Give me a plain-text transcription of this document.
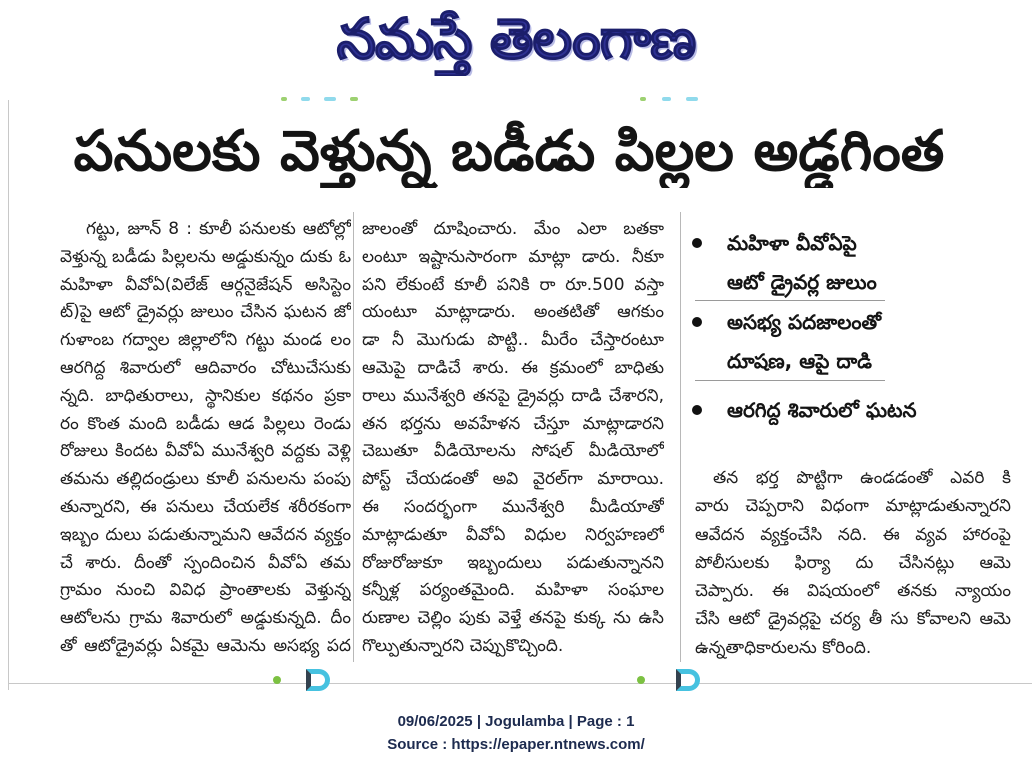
నమస్తే తెలంగాణ
పనులకు వెళ్తున్న బడీడు పిల్లల అడ్డగింత
గట్టు, జూన్ 8 : కూలీ పనులకు ఆటోల్లో
వెళ్తున్న బడీడు పిల్లలను అడ్డుకున్నం దుకు ఓ
మహిళా వీవోఏ(విలేజ్ ఆర్గనైజేషన్ అసిస్టెం
ట్)పై ఆటో డ్రైవర్లు జులుం చేసిన ఘటన జో
గుళాంబ గద్వాల జిల్లాలోని గట్టు మండ లం
ఆరగిద్ద శివారులో ఆదివారం చోటుచేసుకు
న్నది. బాధితురాలు, స్థానికుల కథనం ప్రకా
రం కొంత మంది బడీడు ఆడ పిల్లలు రెండు
రోజులు కిందట వీవోఏ మునేశ్వరి వద్దకు వెళ్లి
తమను తల్లిదండ్రులు కూలీ పనులను పంపు
తున్నారని, ఈ పనులు చేయలేక శరీరకంగా
ఇబ్బం దులు పడుతున్నామని ఆవేదన వ్యక్తం
చే శారు. దీంతో స్పందించిన వీవోఏ తమ
గ్రామం నుంచి వివిధ ప్రాంతాలకు వెళ్తున్న
ఆటోలను గ్రామ శివారులో అడ్డుకున్నది. దీం
తో ఆటోడ్రైవర్లు ఏకమై ఆమెను అసభ్య పద
జాలంతో దూషించారు. మేం ఎలా బతకా
లంటూ ఇష్టానుసారంగా మాట్లా డారు. నీకూ
పని లేకుంటే కూలీ పనికి రా రూ.500 వస్తా
యంటూ మాట్లాడారు. అంతటితో ఆగకుం
డా నీ మొగుడు పొట్టి.. మీరేం చేస్తారంటూ
ఆమెపై దాడిచే శారు. ఈ క్రమంలో బాధితు
రాలు మునేశ్వరి తనపై డ్రైవర్లు దాడి చేశారని,
తన భర్తను అవహేళన చేస్తూ మాట్లాడారని
చెబుతూ వీడియోలను సోషల్ మీడియోలో
పోస్ట్ చేయడంతో అవి వైరల్‌గా మారాయి.
ఈ సందర్భంగా మునేశ్వరి మీడియాతో
మాట్లాడుతూ వీవోఏ విధుల నిర్వహణలో
రోజురోజుకూ ఇబ్బందులు పడుతున్నానని
కన్నీళ్ల పర్యంతమైంది. మహిళా సంఘాల
రుణాల చెల్లిం పుకు వెళ్తే తనపై కుక్క ను ఉసి
గొల్పుతున్నారని చెప్పుకొచ్చింది.
మహిళా వీవోఏపై
ఆటో డ్రైవర్ల జులుం
అసభ్య పదజాలంతో
దూషణ, ఆపై దాడి
ఆరగిద్ద శివారులో ఘటన
తన భర్త పొట్టిగా ఉండడంతో ఎవరి కి
వారు చెప్పరాని విధంగా మాట్లాడుతున్నారని
ఆవేదన వ్యక్తంచేసి నది. ఈ వ్యవ హారంపై
పోలీసులకు ఫిర్యా దు చేసినట్లు ఆమె
చెప్పారు. ఈ విషయంలో తనకు న్యాయం
చేసి ఆటో డ్రైవర్లపై చర్య తీ సు కోవాలని ఆమె
ఉన్నతాధికారులను కోరింది.
09/06/2025 | Jogulamba | Page : 1
Source : https://epaper.ntnews.com/
